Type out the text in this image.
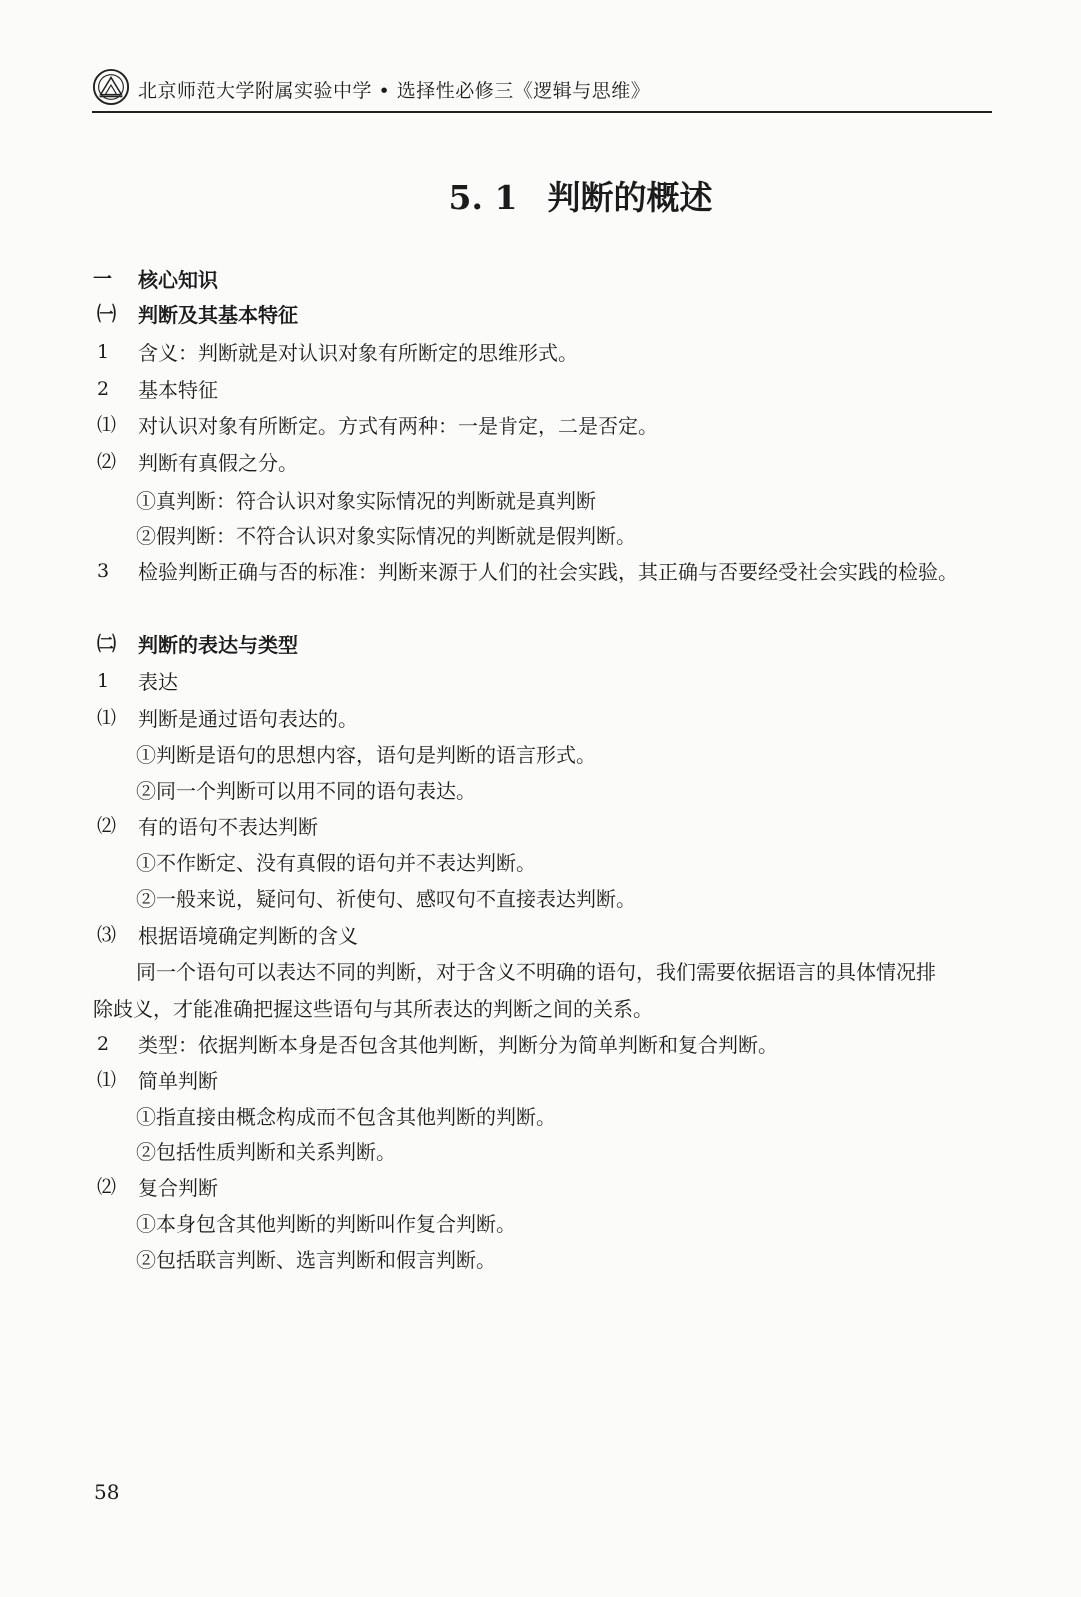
北京师范大学附属实验中学 • 选择性必修三《逻辑与思维》
5. 1 判断的概述
一 核心知识
㈠ 判断及其基本特征
1 含义：判断就是对认识对象有所断定的思维形式。
2 基本特征
⑴ 对认识对象有所断定。方式有两种：一是肯定，二是否定。
⑵ 判断有真假之分。
①真判断：符合认识对象实际情况的判断就是真判断
②假判断：不符合认识对象实际情况的判断就是假判断。
3 检验判断正确与否的标准：判断来源于人们的社会实践，其正确与否要经受社会实践的检验。
㈡ 判断的表达与类型
1 表达
⑴ 判断是通过语句表达的。
①判断是语句的思想内容，语句是判断的语言形式。
②同一个判断可以用不同的语句表达。
⑵ 有的语句不表达判断
①不作断定、没有真假的语句并不表达判断。
②一般来说，疑问句、祈使句、感叹句不直接表达判断。
⑶ 根据语境确定判断的含义
同一个语句可以表达不同的判断，对于含义不明确的语句，我们需要依据语言的具体情况排
除歧义，才能准确把握这些语句与其所表达的判断之间的关系。
2 类型：依据判断本身是否包含其他判断，判断分为简单判断和复合判断。
⑴ 简单判断
①指直接由概念构成而不包含其他判断的判断。
②包括性质判断和关系判断。
⑵ 复合判断
①本身包含其他判断的判断叫作复合判断。
②包括联言判断、选言判断和假言判断。
58
